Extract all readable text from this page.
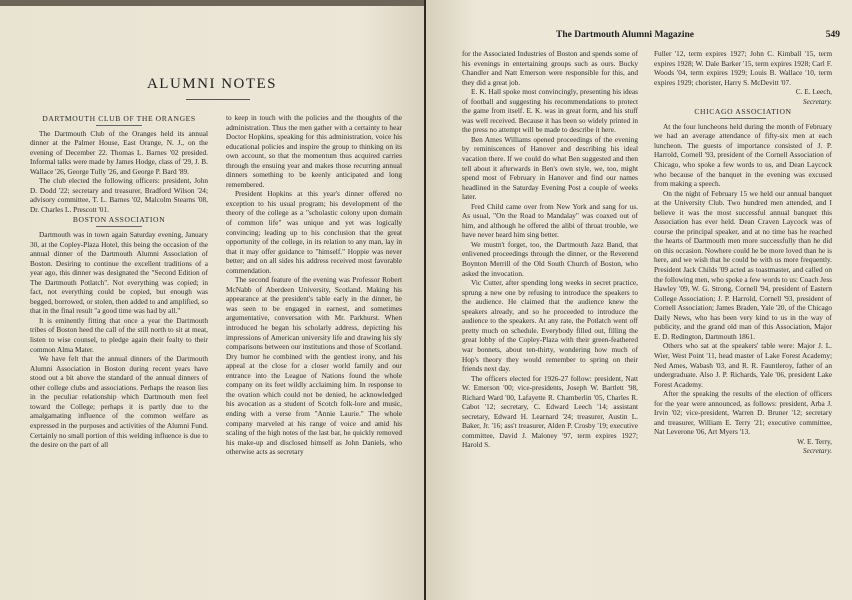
ALUMNI NOTES

DARTMOUTH CLUB OF THE ORANGES

The Dartmouth Club of the Oranges held its annual dinner at the Palmer House, East Orange, N. J., on the evening of December 22. Thomas L. Barnes '02 presided. Informal talks were made by James Hodge, class of '29, J. B. Wallace '26, George Tully '26, and George P. Bard '89.

The club elected the following officers: president, John D. Dodd '22; secretary and treasurer, Bradford Wilson '24; advisory committee, T. L. Barnes '02, Malcolm Stearns '08, Dr. Charles L. Prescott '01.

BOSTON ASSOCIATION

Dartmouth was in town again Saturday evening, January 30, at the Copley-Plaza Hotel, this being the occasion of the annual dinner of the Dartmouth Alumni Association of Boston. Desiring to continue the excellent traditions of a year ago, this dinner was designated the "Second Edition of The Dartmouth Potlatch". Not everything was copied; in fact, not everything could be copied, but enough was begged, borrowed, or stolen, then added to and amplified, so that in the final result "a good time was had by all."

It is eminently fitting that once a year the Dartmouth tribes of Boston heed the call of the still north to sit at meat, listen to wise counsel, to pledge again their fealty to their common Alma Mater.

We have felt that the annual dinners of the Dartmouth Alumni Association in Boston during recent years have stood out a bit above the standard of the annual dinners of other college clubs and associations. Perhaps the reason lies in the peculiar relationship which Dartmouth men feel toward the College; perhaps it is partly due to the amalgamating influence of the common welfare as expressed in the purposes and activities of the Alumni Fund. Certainly no small portion of this welding influence is due to the desire on the part of all

to keep in touch with the policies and the thoughts of the administration. Thus the men gather with a certainty to hear Doctor Hopkins, speaking for this administration, voice his educational policies and inspire the group to thinking on its own account, so that the momentum thus acquired carries through the ensuing year and makes those recurring annual dinners something to be keenly anticipated and long remembered.

President Hopkins at this year's dinner offered no exception to his usual program; his development of the theory of the college as a "scholastic colony upon domain of common life" was unique and yet was logically convincing; leading up to his conclusion that the great opportunity of the college, in its relation to any man, lay in that it may offer guidance to "himself." Hoppie was never better; and on all sides his address received most favorable commendation.

The second feature of the evening was Professor Robert McNabb of Aberdeen University, Scotland. Making his appearance at the president's table early in the dinner, he was seen to be engaged in earnest, and sometimes argumentative, conversation with Mr. Parkhurst. When introduced he began his scholarly address, depicting his impressions of American university life and drawing his sly comparisons between our institutions and those of Scotland. Dry humor he combined with the gentlest irony, and his appeal at the close for a closer world family and our entrance into the League of Nations found the whole company on its feet wildly acclaiming him. In response to the ovation which could not be denied, he acknowledged his avocation as a student of Scotch folk-lore and music, ending with a verse from "Annie Laurie." The whole company marveled at his range of voice and amid his scaling of the high notes of the last bar, he quickly removed his make-up and disclosed himself as John Daniels, who otherwise acts as secretary

The Dartmouth Alumni Magazine	549

for the Associated Industries of Boston and spends some of his evenings in entertaining groups such as ours. Bucky Chandler and Natt Emerson were responsible for this, and they did a great job.

E. K. Hall spoke most convincingly, presenting his ideas of football and suggesting his recommendations to protect the game from itself. E. K. was in great form, and his stuff was well received. Because it has been so widely printed in the press no attempt will be made to describe it here.

Ben Ames Williams opened proceedings of the evening by reminiscences of Hanover and describing his ideal vacation there. If we could do what Ben suggested and then tell about it afterwards in Ben's own style, we, too, might spend most of February in Hanover and find our names headlined in the Saturday Evening Post a couple of weeks later.

Fred Child came over from New York and sang for us. As usual, "On the Road to Mandalay" was coaxed out of him, and although he offered the alibi of throat trouble, we have never heard him sing better.

We mustn't forget, too, the Dartmouth Jazz Band, that enlivened proceedings through the dinner, or the Reverend Boynton Merrill of the Old South Church of Boston, who asked the invocation.

Vic Cutter, after spending long weeks in secret practice, sprung a new one by refusing to introduce the speakers to the audience. He claimed that the audience knew the speakers already, and so he proceeded to introduce the audience to the speakers. At any rate, the Potlatch went off pretty much on schedule. Everybody filled out, filling the great lobby of the Copley-Plaza with their green-feathered war bonnets, about ten-thirty, wondering how much of Hop's theory they would remember to spring on their friends next day.

The officers elected for 1926-27 follow: president, Natt W. Emerson '00; vice-presidents, Joseph W. Bartlett '98, Richard Ward '00, Lafayette R. Chamberlin '05, Charles R. Cabot '12; secretary, C. Edward Leech '14; assistant secretary, Edward H. Learnard '24; treasurer, Austin L. Baker, Jr. '16; ass't treasurer, Alden P. Crosby '19; executive committee, David J. Maloney '97, term expires 1927; Harold S.

Fuller '12, term expires 1927; John C. Kimball '15, term expires 1928; W. Dale Barker '15, term expires 1928; Carl F. Woods '04, term expires 1929; Louis B. Wallace '10, term expires 1929; chorister, Harry S. McDevitt '07.

C. E. Leech,

Secretary.

CHICAGO ASSOCIATION

At the four luncheons held during the month of February we had an average attendance of fifty-six men at each luncheon. The guests of importance consisted of J. P. Harrold, Cornell '93, president of the Cornell Association of Chicago, who spoke a few words to us, and Dean Laycock who because of the banquet in the evening was excused from making a speech.

On the night of February 15 we held our annual banquet at the University Club. Two hundred men attended, and I believe it was the most successful annual banquet this Association has ever held. Dean Craven Laycock was of course the principal speaker, and at no time has he reached the hearts of Dartmouth men more successfully than he did on this occasion. Nowhere could he be more loved than he is here, and we wish that he could be with us more frequently. President Jack Childs '09 acted as toastmaster, and called on the following men, who spoke a few words to us: Coach Jess Hawley '09, W. G. Strong, Cornell '94, president of Eastern College Association; J. P. Harrold, Cornell '93, president of Cornell Association; James Braden, Yale '20, of the Chicago Daily News, who has been very kind to us in the way of publicity, and the grand old man of this Association, Major E. D. Redington, Dartmouth 1861.

Others who sat at the speakers' table were: Major J. L. Wier, West Point '11, head master of Lake Forest Academy; Ned Ames, Wabash '03, and R. R. Fauntleroy, father of an undergraduate. Also J. P. Richards, Yale '06, president Lake Forest Academy.

After the speaking the results of the election of officers for the year were announced, as follows: president, Arba J. Irvin '02; vice-president, Warren D. Bruner '12; secretary and treasurer, William E. Terry '21; executive committee, Nat Leverone '06, Art Myers '13.

W. E. Terry,

Secretary.
